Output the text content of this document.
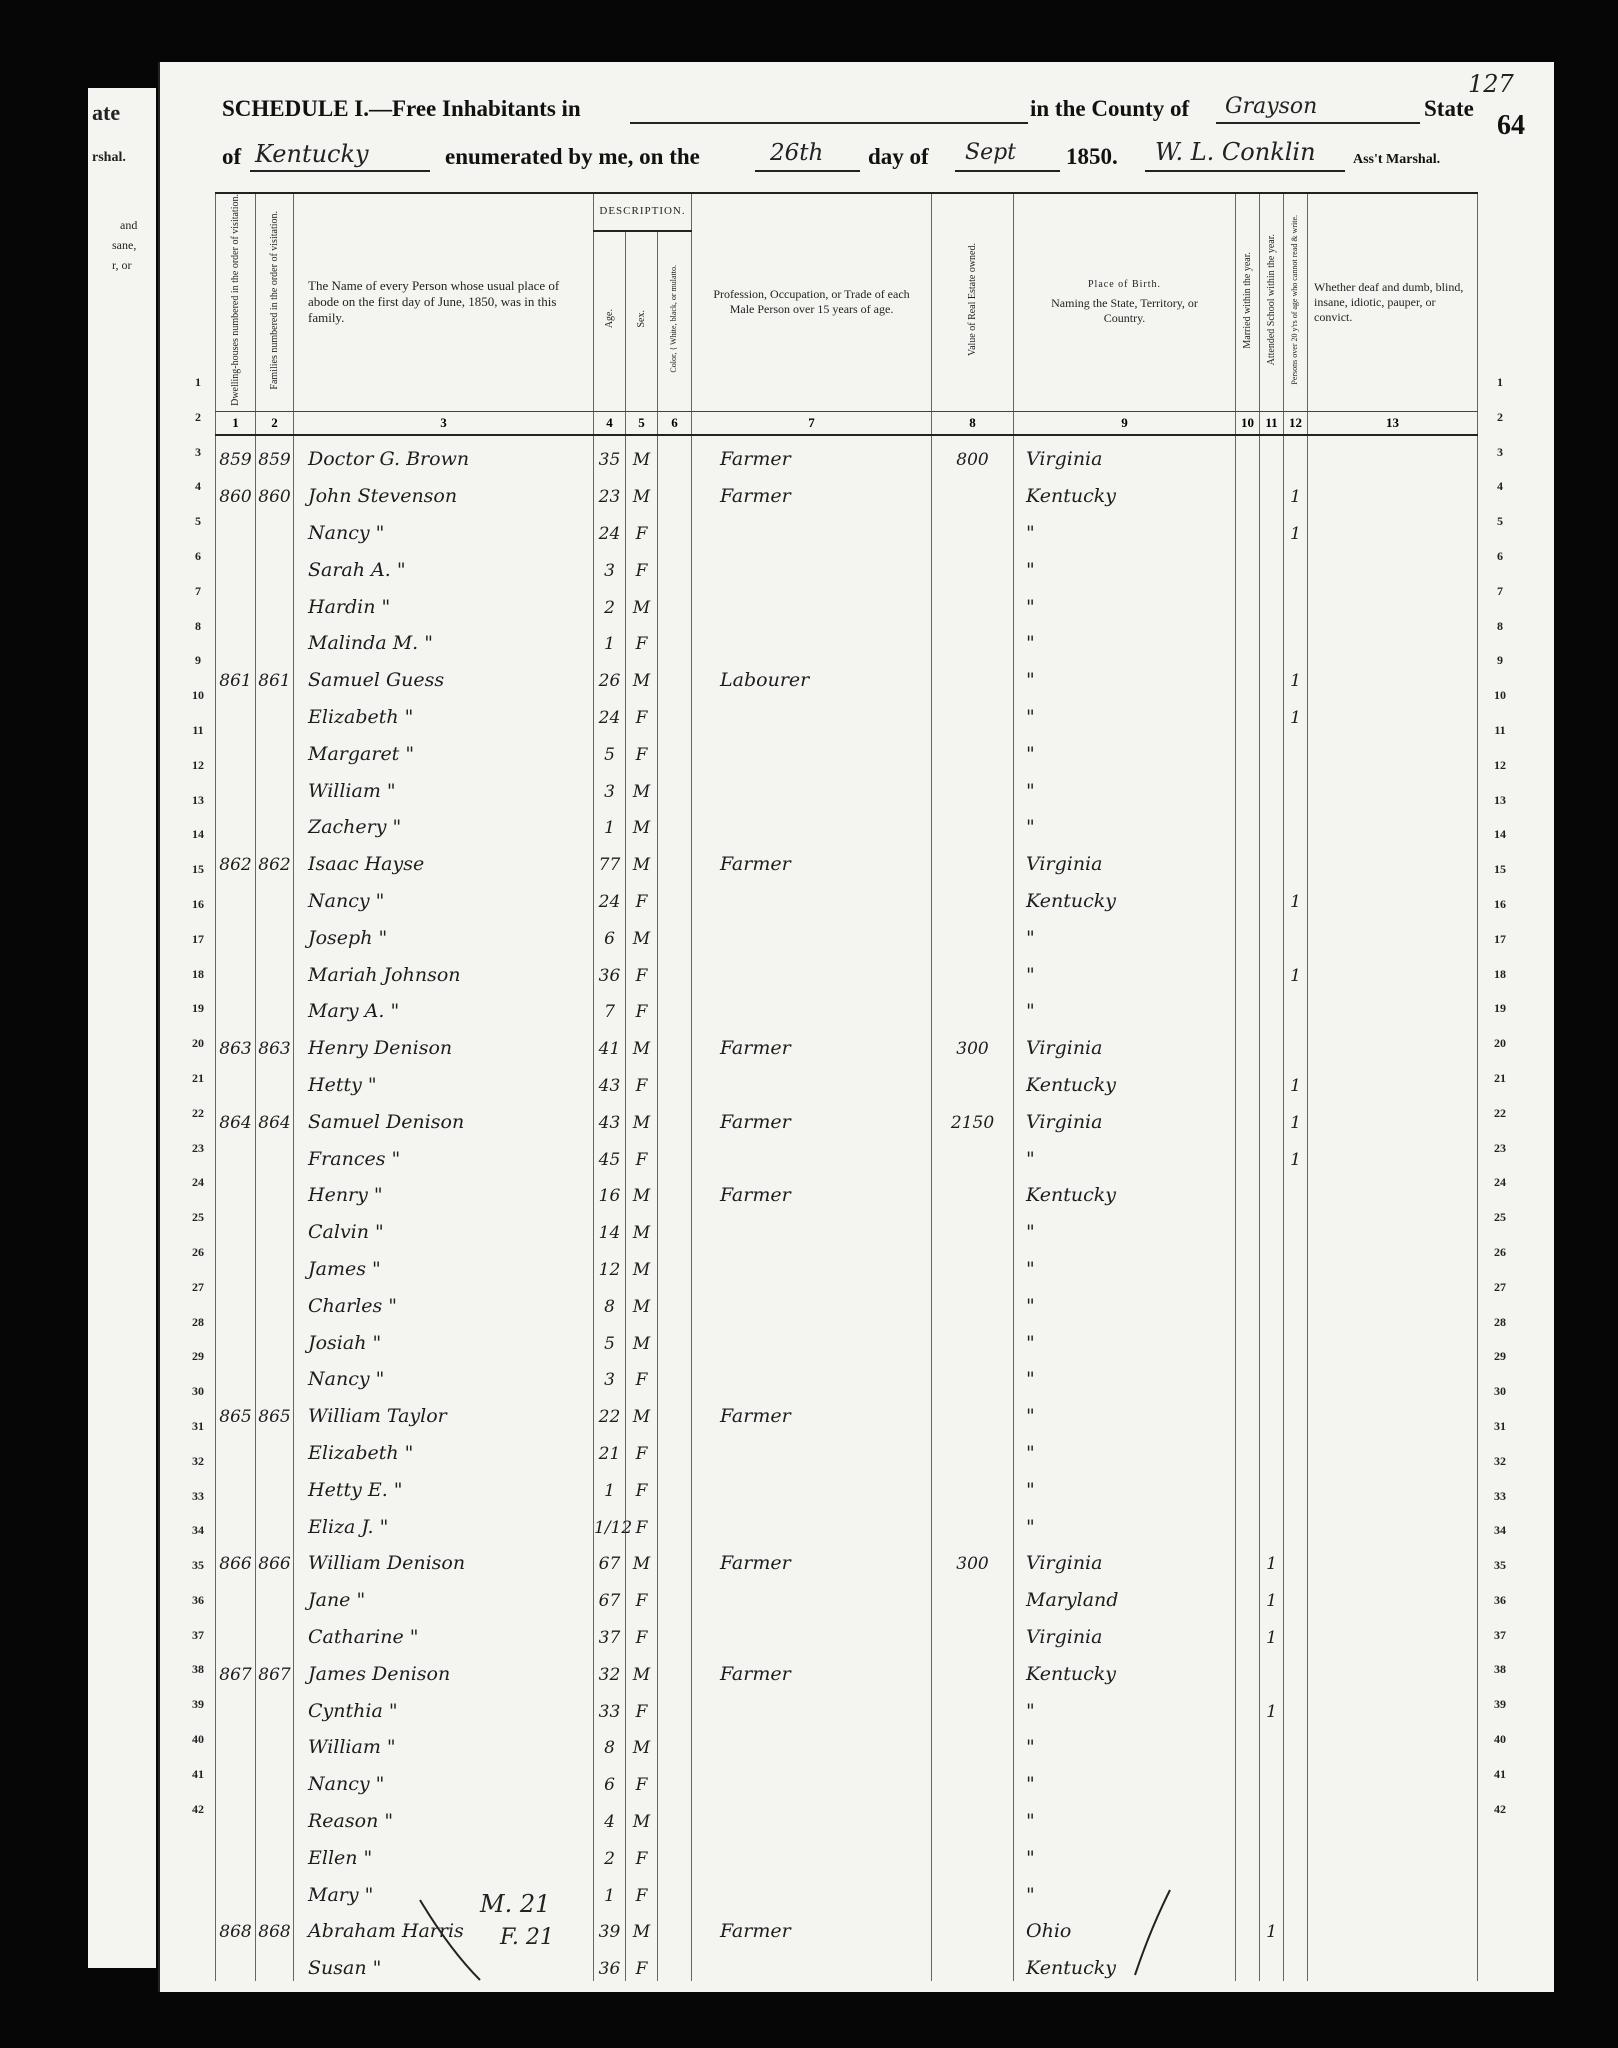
ate
rshal.
and
sane,
r, or
SCHEDULE I.—Free Inhabitants in	in the County of Grayson	State
127
64
of Kentucky	enumerated by me, on the	26th day of Sept 1850. W. L. Conklin	Ass't Marshal.
Dwelling-houses numbered in the order of visitation.	Families numbered in the order of visitation.	The Name of every Person whose usual place of abode on the first day of June, 1850, was in this family.	DESCRIPTION.			Profession, Occupation, or Trade of each Male Person over 15 years of age.	Value of Real Estate owned.	Place of Birth.
Naming the State, Territory, or Country.	Married within the year.	Attended School within the year.	Persons over 20 y'rs of age who cannot read & write.	Whether deaf and dumb, blind, insane, idiotic, pauper, or convict.
			Age.	Sex.	Color, { White, black, or mulatto.							
1	2	3	4	5	6	7	8	9	10	11	12	13
859	859	Doctor G. Brown	35	M		Farmer	800	Virginia				
860	860	John Stevenson	23	M		Farmer		Kentucky			1	
		Nancy "	24	F				"			1	
		Sarah A. "	3	F				"				
		Hardin "	2	M				"				
		Malinda M. "	1	F				"				
861	861	Samuel Guess	26	M		Labourer		"			1	
		Elizabeth "	24	F				"			1	
		Margaret "	5	F				"				
		William "	3	M				"				
		Zachery "	1	M				"				
862	862	Isaac Hayse	77	M		Farmer		Virginia				
		Nancy "	24	F				Kentucky			1	
		Joseph "	6	M				"				
		Mariah Johnson	36	F				"			1	
		Mary A. "	7	F				"				
863	863	Henry Denison	41	M		Farmer	300	Virginia				
		Hetty "	43	F				Kentucky			1	
864	864	Samuel Denison	43	M		Farmer	2150	Virginia			1	
		Frances "	45	F				"			1	
		Henry "	16	M		Farmer		Kentucky				
		Calvin "	14	M				"				
		James "	12	M				"				
		Charles "	8	M				"				
		Josiah "	5	M				"				
		Nancy "	3	F				"				
865	865	William Taylor	22	M		Farmer		"				
		Elizabeth "	21	F				"				
		Hetty E. "	1	F				"				
		Eliza J. "	1/12	F				"				
866	866	William Denison	67	M		Farmer	300	Virginia		1		
		Jane "	67	F				Maryland		1		
		Catharine "	37	F				Virginia		1		
867	867	James Denison	32	M		Farmer		Kentucky				
		Cynthia "	33	F				"		1		
		William "	8	M				"				
		Nancy "	6	F				"				
		Reason "	4	M				"				
		Ellen "	2	F				"				
		Mary "	1	F				"				
868	868	Abraham Harris	39	M		Farmer		Ohio		1		
		Susan "	36	F				Kentucky				
1
2
3
4
5
6
7
8
9
10
11
12
13
14
15
16
17
18
19
20
21
22
23
24
25
26
27
28
29
30
31
32
33
34
35
36
37
38
39
40
41
42
1
2
3
4
5
6
7
8
9
10
11
12
13
14
15
16
17
18
19
20
21
22
23
24
25
26
27
28
29
30
31
32
33
34
35
36
37
38
39
40
41
42
M. 21
F. 21
